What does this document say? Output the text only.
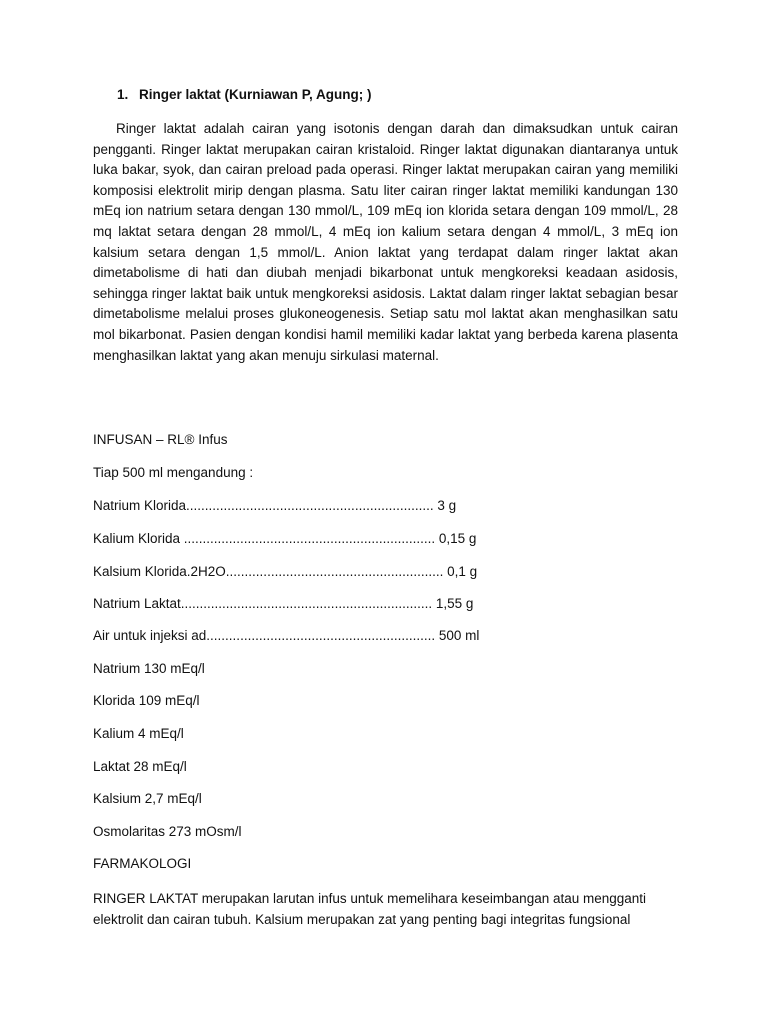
1. Ringer laktat (Kurniawan P, Agung; )
Ringer laktat adalah cairan yang isotonis dengan darah dan dimaksudkan untuk cairan pengganti. Ringer laktat merupakan cairan kristaloid. Ringer laktat digunakan diantaranya untuk luka bakar, syok, dan cairan preload pada operasi. Ringer laktat merupakan cairan yang memiliki komposisi elektrolit mirip dengan plasma. Satu liter cairan ringer laktat memiliki kandungan 130 mEq ion natrium setara dengan 130 mmol/L, 109 mEq ion klorida setara dengan 109 mmol/L, 28 mq laktat setara dengan 28 mmol/L, 4 mEq ion kalium setara dengan 4 mmol/L, 3 mEq ion kalsium setara dengan 1,5 mmol/L. Anion laktat yang terdapat dalam ringer laktat akan dimetabolisme di hati dan diubah menjadi bikarbonat untuk mengkoreksi keadaan asidosis, sehingga ringer laktat baik untuk mengkoreksi asidosis. Laktat dalam ringer laktat sebagian besar dimetabolisme melalui proses glukoneogenesis. Setiap satu mol laktat akan menghasilkan satu mol bikarbonat. Pasien dengan kondisi hamil memiliki kadar laktat yang berbeda karena plasenta menghasilkan laktat yang akan menuju sirkulasi maternal.
INFUSAN – RL® Infus
Tiap 500 ml mengandung :
Natrium Klorida.................................................................. 3 g
Kalium Klorida ................................................................... 0,15 g
Kalsium Klorida.2H2O.......................................................... 0,1 g
Natrium Laktat................................................................... 1,55 g
Air untuk injeksi ad............................................................. 500 ml
Natrium 130 mEq/l
Klorida 109 mEq/l
Kalium 4 mEq/l
Laktat 28 mEq/l
Kalsium 2,7 mEq/l
Osmolaritas 273 mOsm/l
FARMAKOLOGI
RINGER LAKTAT merupakan larutan infus untuk memelihara keseimbangan atau mengganti elektrolit dan cairan tubuh. Kalsium merupakan zat yang penting bagi integritas fungsional
